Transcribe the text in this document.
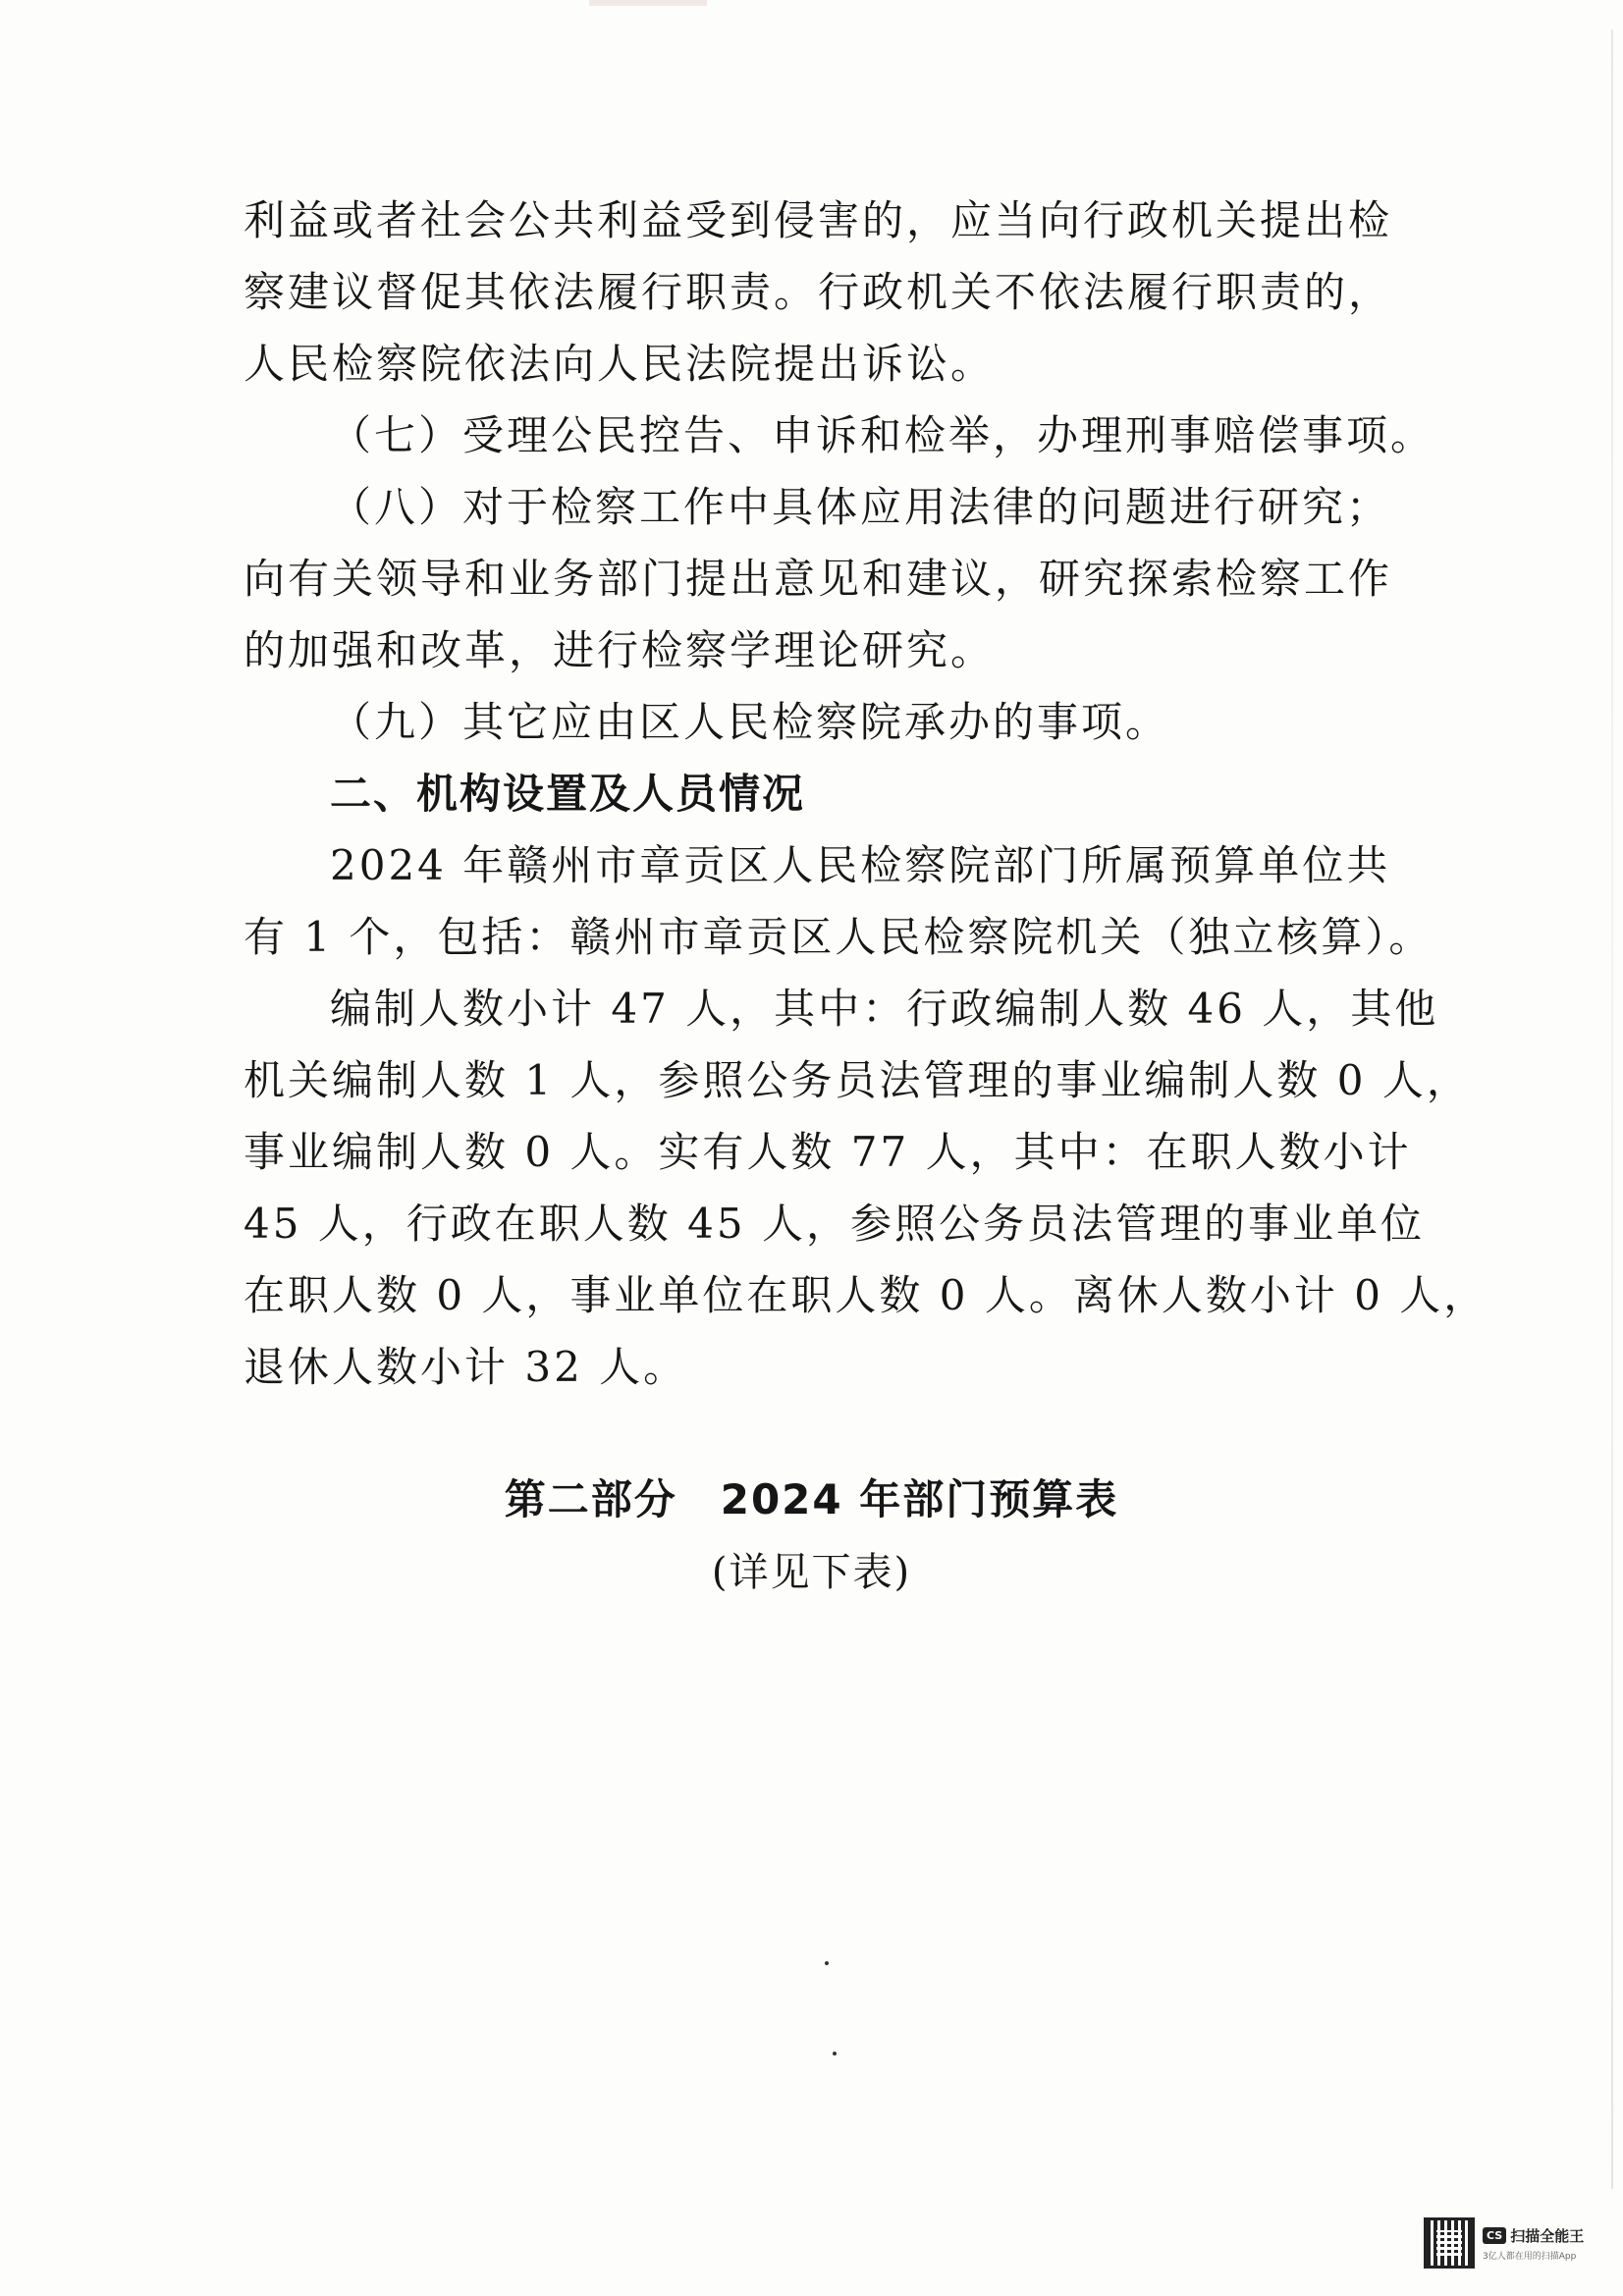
利益或者社会公共利益受到侵害的，应当向行政机关提出检
察建议督促其依法履行职责。行政机关不依法履行职责的，
人民检察院依法向人民法院提出诉讼。
（七）受理公民控告、申诉和检举，办理刑事赔偿事项。
（八）对于检察工作中具体应用法律的问题进行研究；
向有关领导和业务部门提出意见和建议，研究探索检察工作
的加强和改革，进行检察学理论研究。
（九）其它应由区人民检察院承办的事项。
二、机构设置及人员情况
2024 年赣州市章贡区人民检察院部门所属预算单位共
有 1 个，包括：赣州市章贡区人民检察院机关（独立核算）。
编制人数小计 47 人，其中：行政编制人数 46 人，其他
机关编制人数 1 人，参照公务员法管理的事业编制人数 0 人，
事业编制人数 0 人。实有人数 77 人，其中：在职人数小计
45 人，行政在职人数 45 人，参照公务员法管理的事业单位
在职人数 0 人，事业单位在职人数 0 人。离休人数小计 0 人，
退休人数小计 32 人。
第二部分　2024 年部门预算表
(详见下表)
CS 扫描全能王
3亿人都在用的扫描App
